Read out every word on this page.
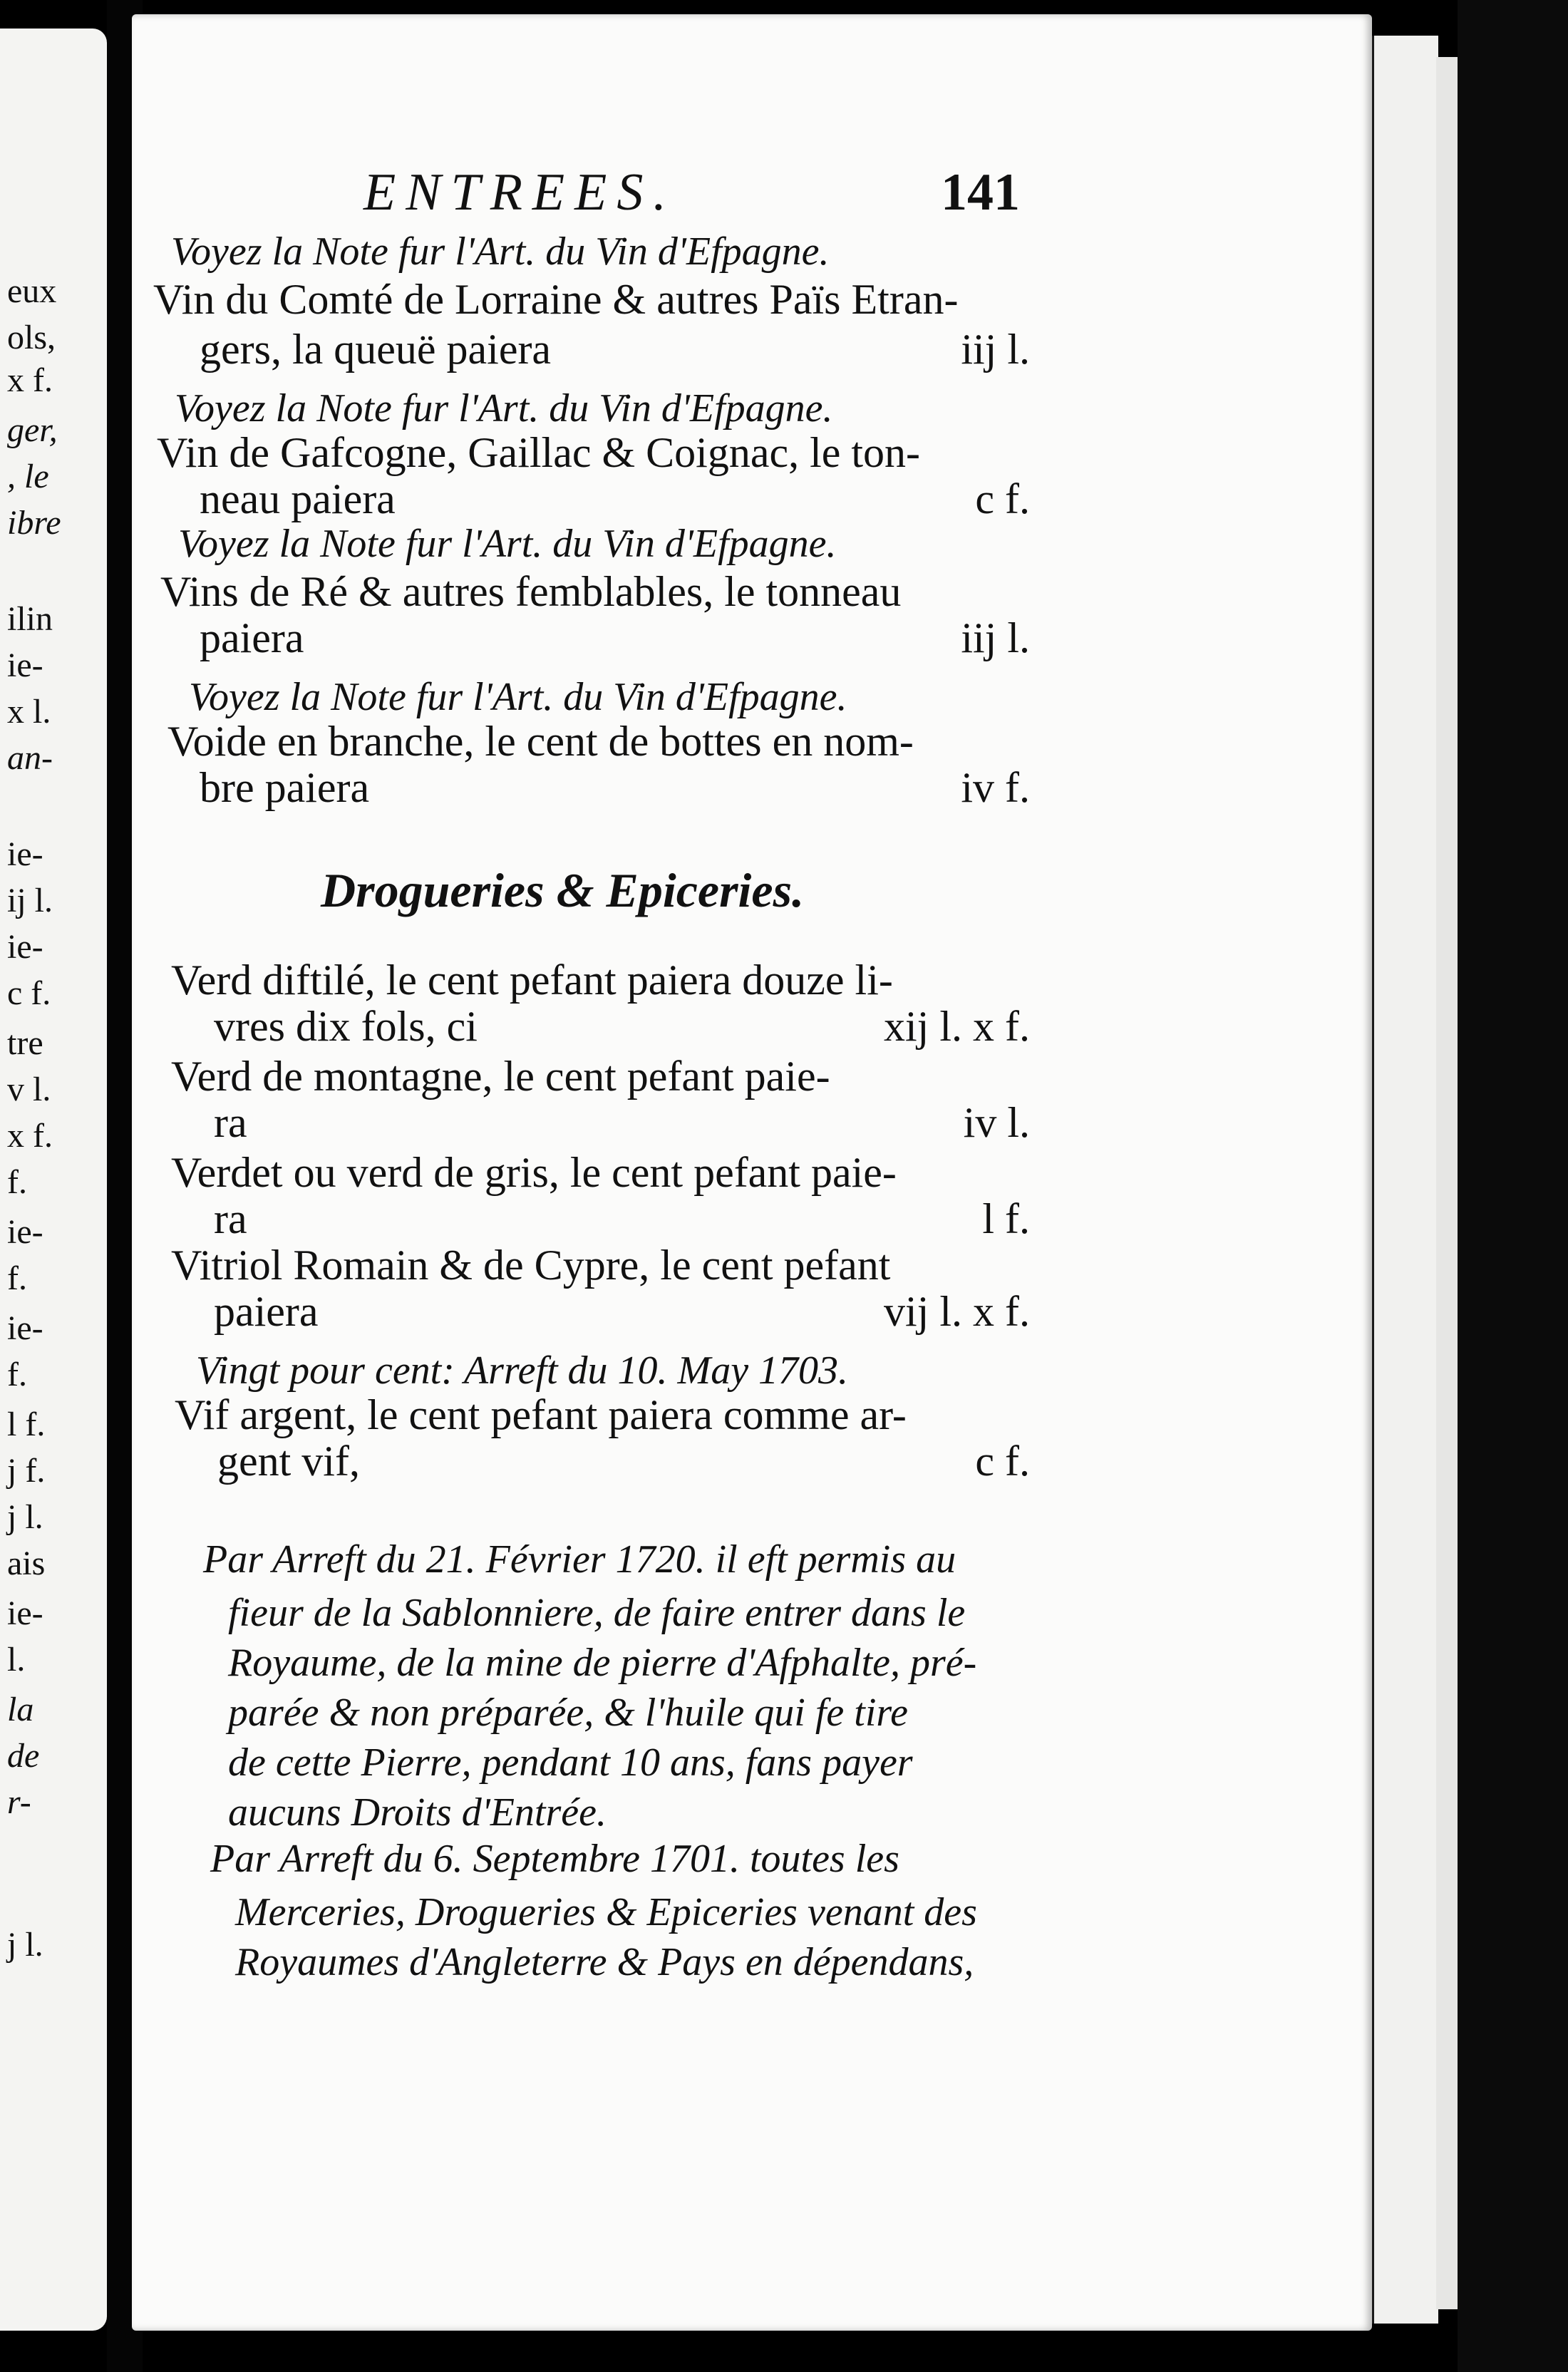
eux
ols,
x f.
ger,
, le
ibre
ilin
ie-
x l.
an-
ie-
ij l.
ie-
c f.
tre
v l.
x f.
f.
ie-
f.
ie-
f.
l f.
j f.
j l.
ais
ie-
l.
la
de
r-
j l.
ENTREES.	141
Voyez la Note fur l'Art. du Vin d'Efpagne.
Vin du Comté de Lorraine & autres Païs Etran-
gers, la queuë paiera	iij l.
Voyez la Note fur l'Art. du Vin d'Efpagne.
Vin de Gafcogne, Gaillac & Coignac, le ton-
neau paiera	c f.
Voyez la Note fur l'Art. du Vin d'Efpagne.
Vins de Ré & autres femblables, le tonneau
paiera	iij l.
Voyez la Note fur l'Art. du Vin d'Efpagne.
Voide en branche, le cent de bottes en nom-
bre paiera	iv f.
Drogueries & Epiceries.
Verd diftilé, le cent pefant paiera douze li-
vres dix fols, ci	xij l. x f.
Verd de montagne, le cent pefant paie-
ra	iv l.
Verdet ou verd de gris, le cent pefant paie-
ra	l f.
Vitriol Romain & de Cypre, le cent pefant
paiera	vij l. x f.
Vingt pour cent: Arreft du 10. May 1703.
Vif argent, le cent pefant paiera comme ar-
gent vif,	c f.
Par Arreft du 21. Février 1720. il eft permis au
fieur de la Sablonniere, de faire entrer dans le
Royaume, de la mine de pierre d'Afphalte, pré-
parée & non préparée, & l'huile qui fe tire
de cette Pierre, pendant 10 ans, fans payer
aucuns Droits d'Entrée.
Par Arreft du 6. Septembre 1701. toutes les
Merceries, Drogueries & Epiceries venant des
Royaumes d'Angleterre & Pays en dépendans,
